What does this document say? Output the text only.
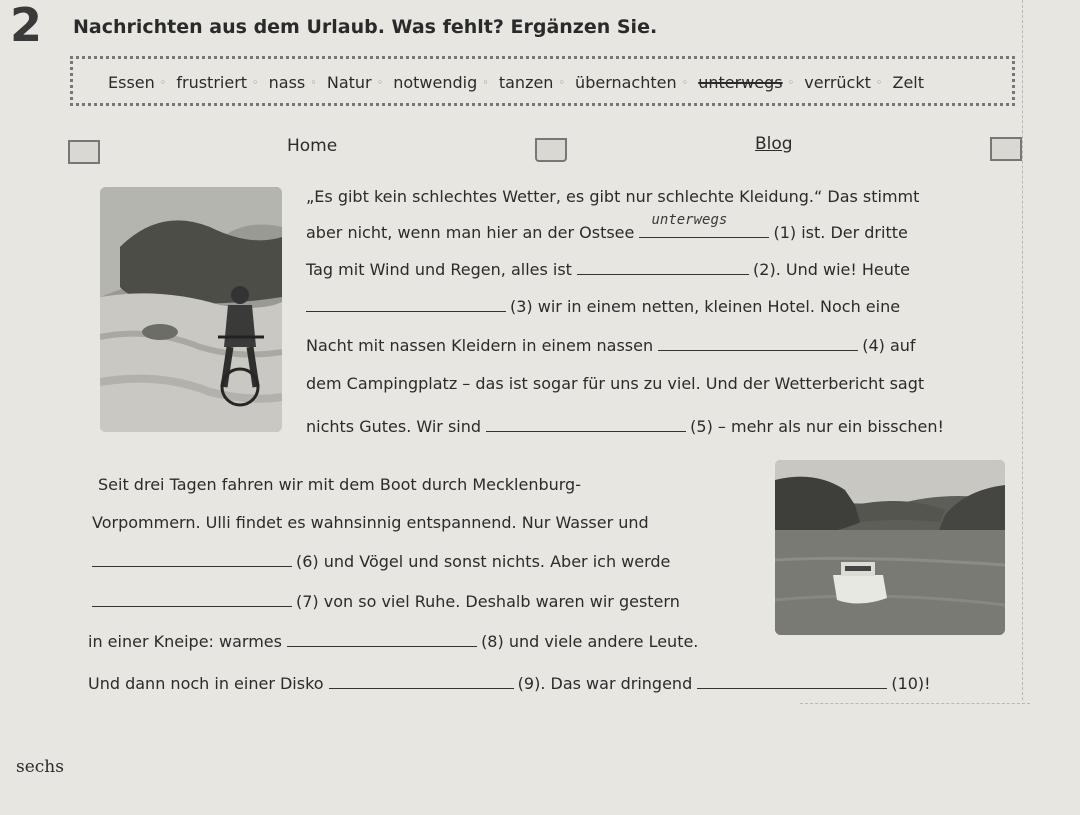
2 Nachrichten aus dem Urlaub. Was fehlt? Ergänzen Sie.
Essen ◦ frustriert ◦ nass ◦ Natur ◦ notwendig ◦ tanzen ◦ übernachten ◦ unterwegs ◦ verrückt ◦ Zelt
Home	Blog
„Es gibt kein schlechtes Wetter, es gibt nur schlechte Kleidung.“ Das stimmt
aber nicht, wenn man hier an der Ostsee
unterwegs
(1) ist. Der dritte
Tag mit Wind und Regen, alles ist	(2). Und wie! Heute
(3) wir in einem netten, kleinen Hotel. Noch eine
Nacht mit nassen Kleidern in einem nassen	(4) auf
dem Campingplatz – das ist sogar für uns zu viel. Und der Wetterbericht sagt
nichts Gutes. Wir sind	(5) – mehr als nur ein bisschen!
Seit drei Tagen fahren wir mit dem Boot durch Mecklenburg-
Vorpommern. Ulli findet es wahnsinnig entspannend. Nur Wasser und
(6) und Vögel und sonst nichts. Aber ich werde
(7) von so viel Ruhe. Deshalb waren wir gestern
in einer Kneipe: warmes	(8) und viele andere Leute.
Und dann noch in einer Disko	(9). Das war dringend	(10)!
sechs
